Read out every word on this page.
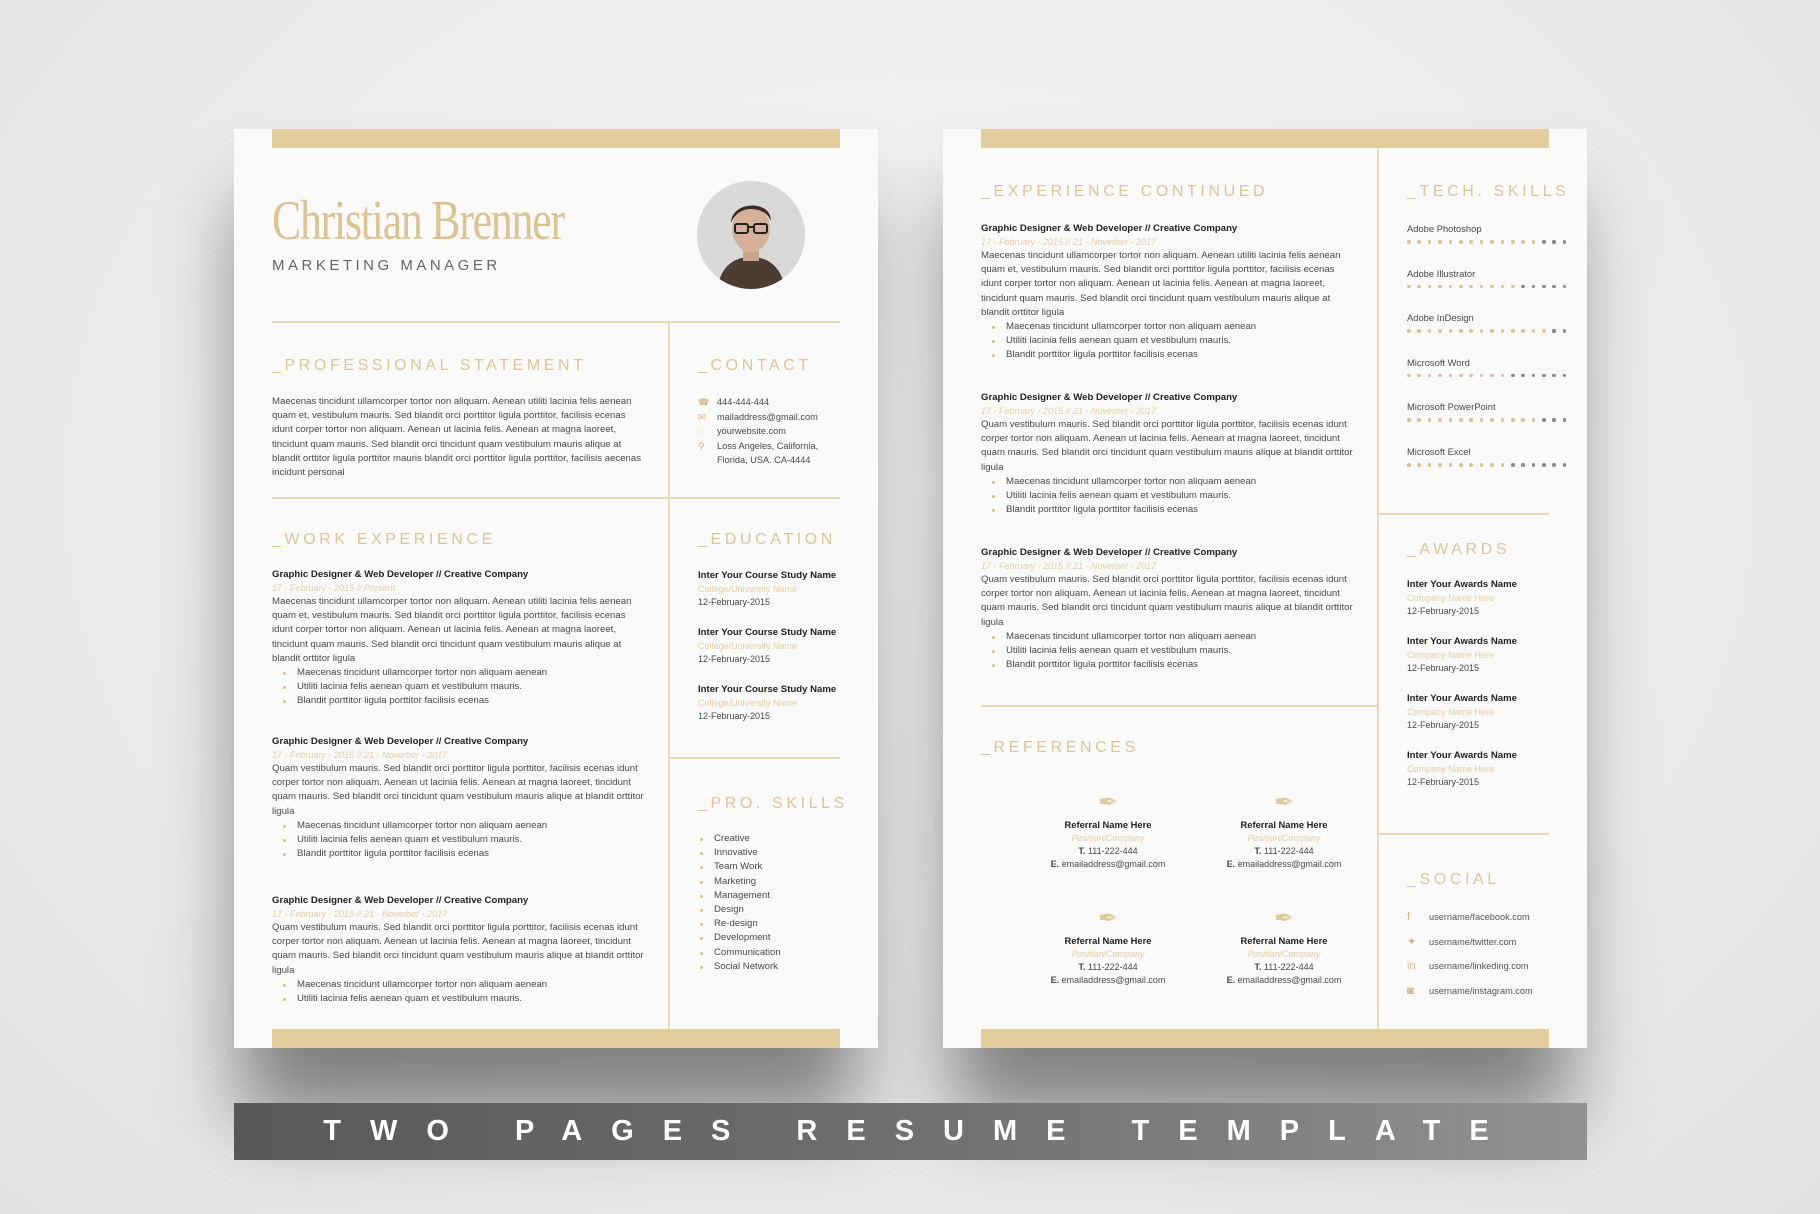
Christian Brenner
MARKETING MANAGER
_PROFESSIONAL STATEMENT
Maecenas tincidunt ullamcorper tortor non aliquam. Aenean utiliti lacinia felis aenean quam et, vestibulum mauris. Sed blandit orci porttitor ligula porttitor, facilisis ecenas idunt corper tortor non aliquam. Aenean ut lacinia felis. Aenean at magna laoreet, tincidunt quam mauris. Sed blandit orci tincidunt quam vestibulum mauris alique at blandit orttitor ligula porttitor mauris blandit orci porttitor ligula porttitor, facilisis aecenas incidunt personal
_CONTACT
☎ 444-444-444
✉	mailaddress@gmail.com
◌	yourwebsite.com
⚲	Loss Angeles, California,
Florida, USA. CA-4444
_WORK EXPERIENCE
Graphic Designer & Web Developer // Creative Company
17 - February - 2015 // Present
Maecenas tincidunt ullamcorper tortor non aliquam. Aenean utiliti lacinia felis aenean quam et, vestibulum mauris. Sed blandit orci porttitor ligula porttitor, facilisis ecenas idunt corper tortor non aliquam. Aenean ut lacinia felis. Aenean at magna laoreet, tincidunt quam mauris. Sed blandit orci tincidunt quam vestibulum mauris alique at blandit orttitor ligula
Maecenas tincidunt ullamcorper tortor non aliquam aenean
Utiliti lacinia felis aenean quam et vestibulum mauris.
Blandit porttitor ligula porttitor facilisis ecenas
Graphic Designer & Web Developer // Creative Company
17 - February - 2015 // 21 - Noverber - 2017
Quam vestibulum mauris. Sed blandit orci porttitor ligula porttitor, facilisis ecenas idunt corper tortor non aliquam. Aenean ut lacinia felis. Aenean at magna laoreet, tincidunt quam mauris. Sed blandit orci tincidunt quam vestibulum mauris alique at blandit orttitor ligula
Maecenas tincidunt ullamcorper tortor non aliquam aenean
Utiliti lacinia felis aenean quam et vestibulum mauris.
Blandit porttitor ligula porttitor facilisis ecenas
Graphic Designer & Web Developer // Creative Company
17 - February - 2015 // 21 - Noverber - 2017
Quam vestibulum mauris. Sed blandit orci porttitor ligula porttitor, facilisis ecenas idunt corper tortor non aliquam. Aenean ut lacinia felis. Aenean at magna laoreet, tincidunt quam mauris. Sed blandit orci tincidunt quam vestibulum mauris alique at blandit orttitor ligula
Maecenas tincidunt ullamcorper tortor non aliquam aenean
Utiliti lacinia felis aenean quam et vestibulum mauris.
_EDUCATION
Inter Your Course Study Name
College/University Name
12-February-2015
Inter Your Course Study Name
College/University Name
12-February-2015
Inter Your Course Study Name
College/University Name
12-February-2015
_PRO. SKILLS
Creative
Innovative
Team Work
Marketing
Management
Design
Re-design
Development
Communication
Social Network
_EXPERIENCE CONTINUED
Graphic Designer & Web Developer // Creative Company
17 - February - 2015 // 21 - Noverber - 2017
Maecenas tincidunt ullamcorper tortor non aliquam. Aenean utiliti lacinia felis aenean quam et, vestibulum mauris. Sed blandit orci porttitor ligula porttitor, facilisis ecenas idunt corper tortor non aliquam. Aenean ut lacinia felis. Aenean at magna laoreet, tincidunt quam mauris. Sed blandit orci tincidunt quam vestibulum mauris alique at blandit orttitor ligula
Maecenas tincidunt ullamcorper tortor non aliquam aenean
Utiliti lacinia felis aenean quam et vestibulum mauris.
Blandit porttitor ligula porttitor facilisis ecenas
Graphic Designer & Web Developer // Creative Company
17 - February - 2015 // 21 - Noverber - 2017
Quam vestibulum mauris. Sed blandit orci porttitor ligula porttitor, facilisis ecenas idunt corper tortor non aliquam. Aenean ut lacinia felis. Aenean at magna laoreet, tincidunt quam mauris. Sed blandit orci tincidunt quam vestibulum mauris alique at blandit orttitor ligula
Maecenas tincidunt ullamcorper tortor non aliquam aenean
Utiliti lacinia felis aenean quam et vestibulum mauris.
Blandit porttitor ligula porttitor facilisis ecenas
Graphic Designer & Web Developer // Creative Company
17 - February - 2015 // 21 - Noverber - 2017
Quam vestibulum mauris. Sed blandit orci porttitor ligula porttitor, facilisis ecenas idunt corper tortor non aliquam. Aenean ut lacinia felis. Aenean at magna laoreet, tincidunt quam mauris. Sed blandit orci tincidunt quam vestibulum mauris alique at blandit orttitor ligula
Maecenas tincidunt ullamcorper tortor non aliquam aenean
Utiliti lacinia felis aenean quam et vestibulum mauris.
Blandit porttitor ligula porttitor facilisis ecenas
_TECH. SKILLS
Adobe Photoshop
Adobe Illustrator
Adobe InDesign
Microsoft Word
Microsoft PowerPoint
Microsoft Excel
_AWARDS
Inter Your Awards Name
Company Name Here
12-February-2015
Inter Your Awards Name
Company Name Here
12-February-2015
Inter Your Awards Name
Company Name Here
12-February-2015
Inter Your Awards Name
Company Name Here
12-February-2015
_REFERENCES
✒
Referral Name Here
Position/Company
T. 111-222-444
E. emailaddress@gmail.com
✒
Referral Name Here
Position/Company
T. 111-222-444
E. emailaddress@gmail.com
✒
Referral Name Here
Position/Company
T. 111-222-444
E. emailaddress@gmail.com
✒
Referral Name Here
Position/Company
T. 111-222-444
E. emailaddress@gmail.com
_SOCIAL
f	username/facebook.com
✦	username/twitter.com
in	username/linkeding.com
◙	username/instagram.com
TWO PAGES RESUME TEMPLATE
